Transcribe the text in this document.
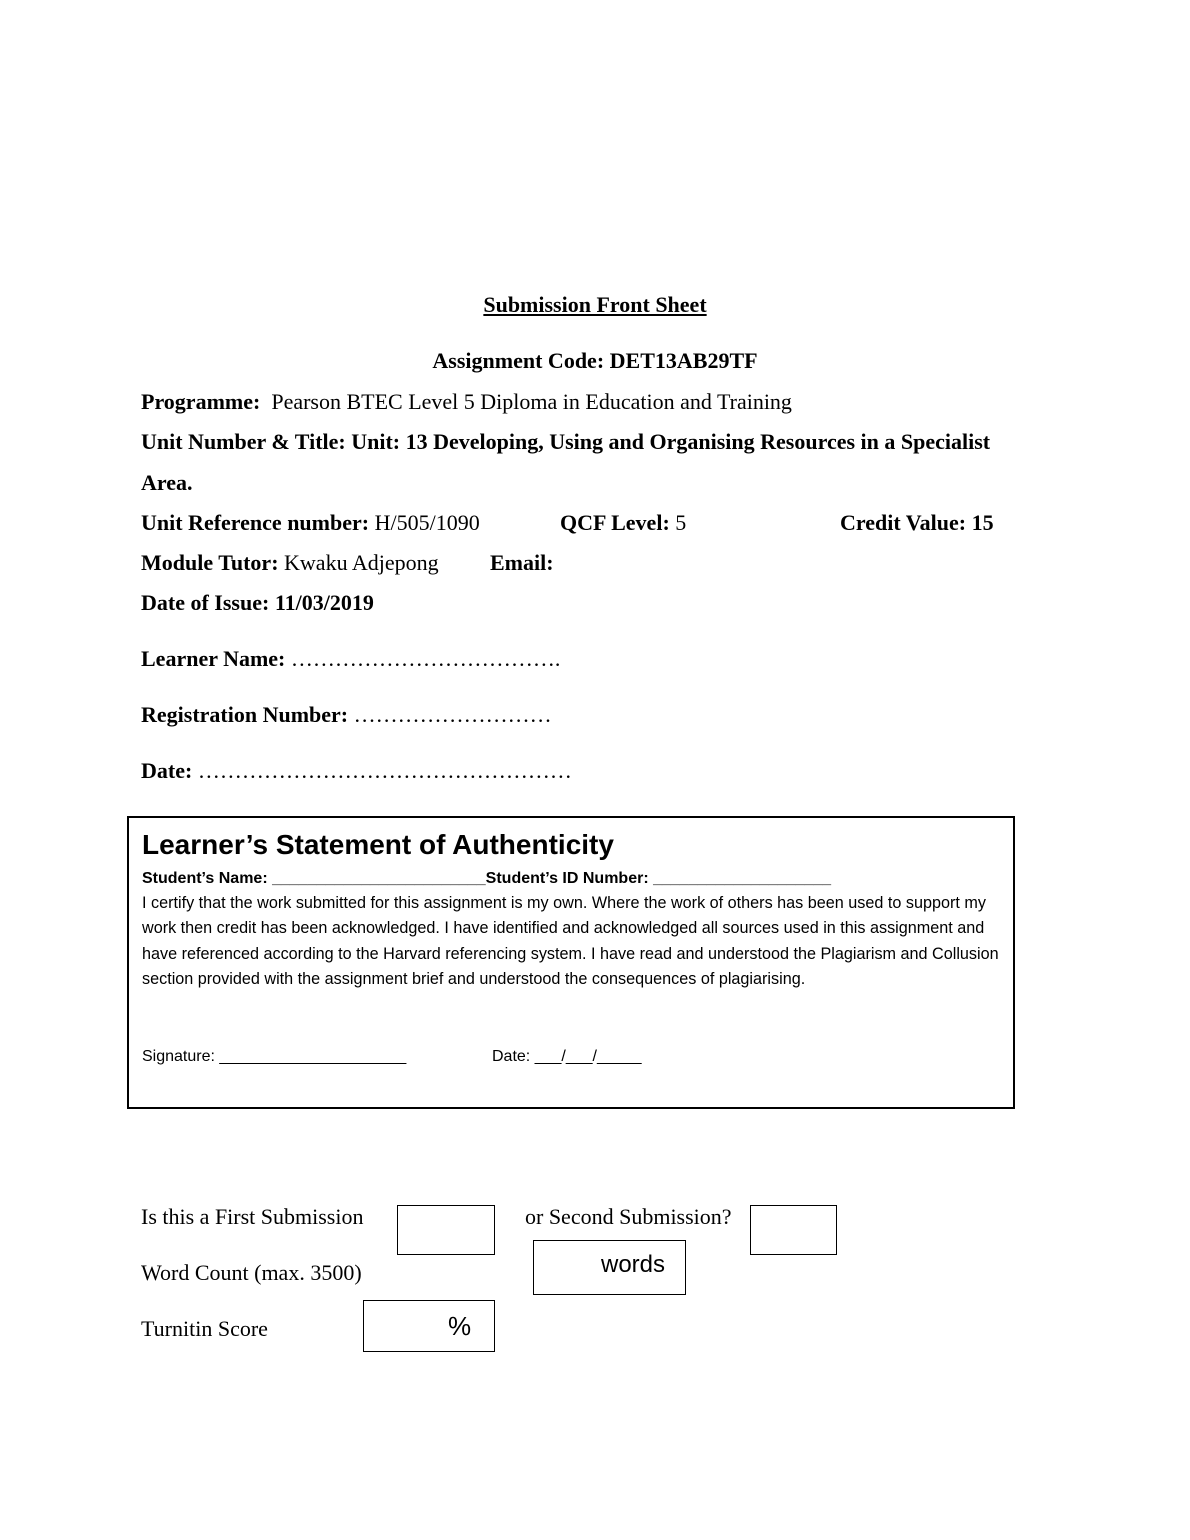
Submission Front Sheet
Assignment Code: DET13AB29TF
Programme: Pearson BTEC Level 5 Diploma in Education and Training
Unit Number & Title: Unit: 13 Developing, Using and Organising Resources in a Specialist
Area.
Unit Reference number: H/505/1090	QCF Level: 5	Credit Value: 15
Module Tutor: Kwaku Adjepong Email:
Date of Issue: 11/03/2019
Learner Name: ……………………………….
Registration Number: ………………………
Date: ……………………………………………
Learner’s Statement of Authenticity
Student’s Name: ________________________Student’s ID Number: ____________________
I certify that the work submitted for this assignment is my own. Where the work of others has been used to support my work then credit has been acknowledged. I have identified and acknowledged all sources used in this assignment and have referenced according to the Harvard referencing system. I have read and understood the Plagiarism and Collusion section provided with the assignment brief and understood the consequences of plagiarising.
Signature: _____________________	Date: ___/___/_____
Is this a First Submission	or Second Submission?
Word Count (max. 3500)	words
Turnitin Score	%
